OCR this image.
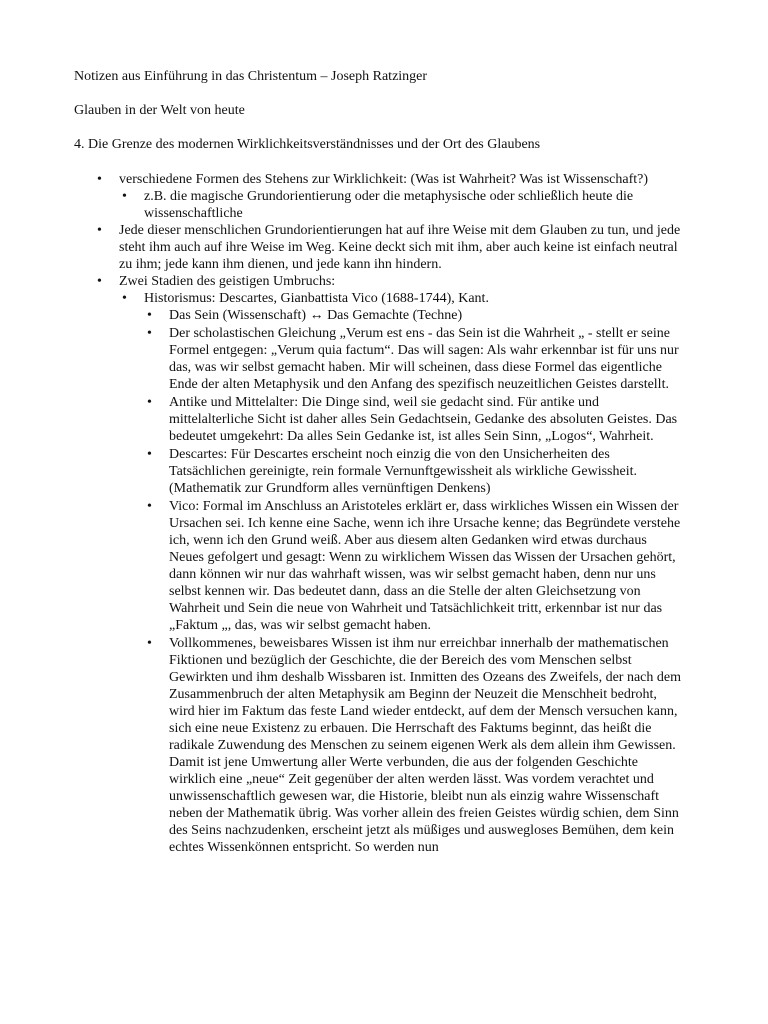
Notizen aus Einführung in das Christentum – Joseph Ratzinger

Glauben in der Welt von heute

4. Die Grenze des modernen Wirklichkeitsverständnisses und der Ort des Glaubens

• verschiedene Formen des Stehens zur Wirklichkeit: (Was ist Wahrheit? Was ist Wissenschaft?)
• z.B. die magische Grundorientierung oder die metaphysische oder schließlich heute die wissenschaftliche
• Jede dieser menschlichen Grundorientierungen hat auf ihre Weise mit dem Glauben zu tun, und jede steht ihm auch auf ihre Weise im Weg. Keine deckt sich mit ihm, aber auch keine ist einfach neutral zu ihm; jede kann ihm dienen, und jede kann ihn hindern.
• Zwei Stadien des geistigen Umbruchs:
• Historismus: Descartes, Gianbattista Vico (1688-1744), Kant.
• Das Sein (Wissenschaft) ↔ Das Gemachte (Techne)
• Der scholastischen Gleichung „Verum est ens - das Sein ist die Wahrheit „ - stellt er seine Formel entgegen: „Verum quia factum“. Das will sagen: Als wahr erkennbar ist für uns nur das, was wir selbst gemacht haben. Mir will scheinen, dass diese Formel das eigentliche Ende der alten Metaphysik und den Anfang des spezifisch neuzeitlichen Geistes darstellt.
• Antike und Mittelalter: Die Dinge sind, weil sie gedacht sind. Für antike und mittelalterliche Sicht ist daher alles Sein Gedachtsein, Gedanke des absoluten Geistes. Das bedeutet umgekehrt: Da alles Sein Gedanke ist, ist alles Sein Sinn, „Logos“, Wahrheit.
• Descartes: Für Descartes erscheint noch einzig die von den Unsicherheiten des Tatsächlichen gereinigte, rein formale Vernunftgewissheit als wirkliche Gewissheit. (Mathematik zur Grundform alles vernünftigen Denkens)
• Vico: Formal im Anschluss an Aristoteles erklärt er, dass wirkliches Wissen ein Wissen der Ursachen sei. Ich kenne eine Sache, wenn ich ihre Ursache kenne; das Begründete verstehe ich, wenn ich den Grund weiß. Aber aus diesem alten Gedanken wird etwas durchaus Neues gefolgert und gesagt: Wenn zu wirklichem Wissen das Wissen der Ursachen gehört, dann können wir nur das wahrhaft wissen, was wir selbst gemacht haben, denn nur uns selbst kennen wir. Das bedeutet dann, dass an die Stelle der alten Gleichsetzung von Wahrheit und Sein die neue von Wahrheit und Tatsächlichkeit tritt, erkennbar ist nur das „Faktum „, das, was wir selbst gemacht haben.
• Vollkommenes, beweisbares Wissen ist ihm nur erreichbar innerhalb der mathematischen Fiktionen und bezüglich der Geschichte, die der Bereich des vom Menschen selbst Gewirkten und ihm deshalb Wissbaren ist. Inmitten des Ozeans des Zweifels, der nach dem Zusammenbruch der alten Metaphysik am Beginn der Neuzeit die Menschheit bedroht, wird hier im Faktum das feste Land wieder entdeckt, auf dem der Mensch versuchen kann, sich eine neue Existenz zu erbauen. Die Herrschaft des Faktums beginnt, das heißt die radikale Zuwendung des Menschen zu seinem eigenen Werk als dem allein ihm Gewissen. Damit ist jene Umwertung aller Werte verbunden, die aus der folgenden Geschichte wirklich eine „neue“ Zeit gegenüber der alten werden lässt. Was vordem verachtet und unwissenschaftlich gewesen war, die Historie, bleibt nun als einzig wahre Wissenschaft neben der Mathematik übrig. Was vorher allein des freien Geistes würdig schien, dem Sinn des Seins nachzudenken, erscheint jetzt als müßiges und auswegloses Bemühen, dem kein echtes Wissenkönnen entspricht. So werden nun
